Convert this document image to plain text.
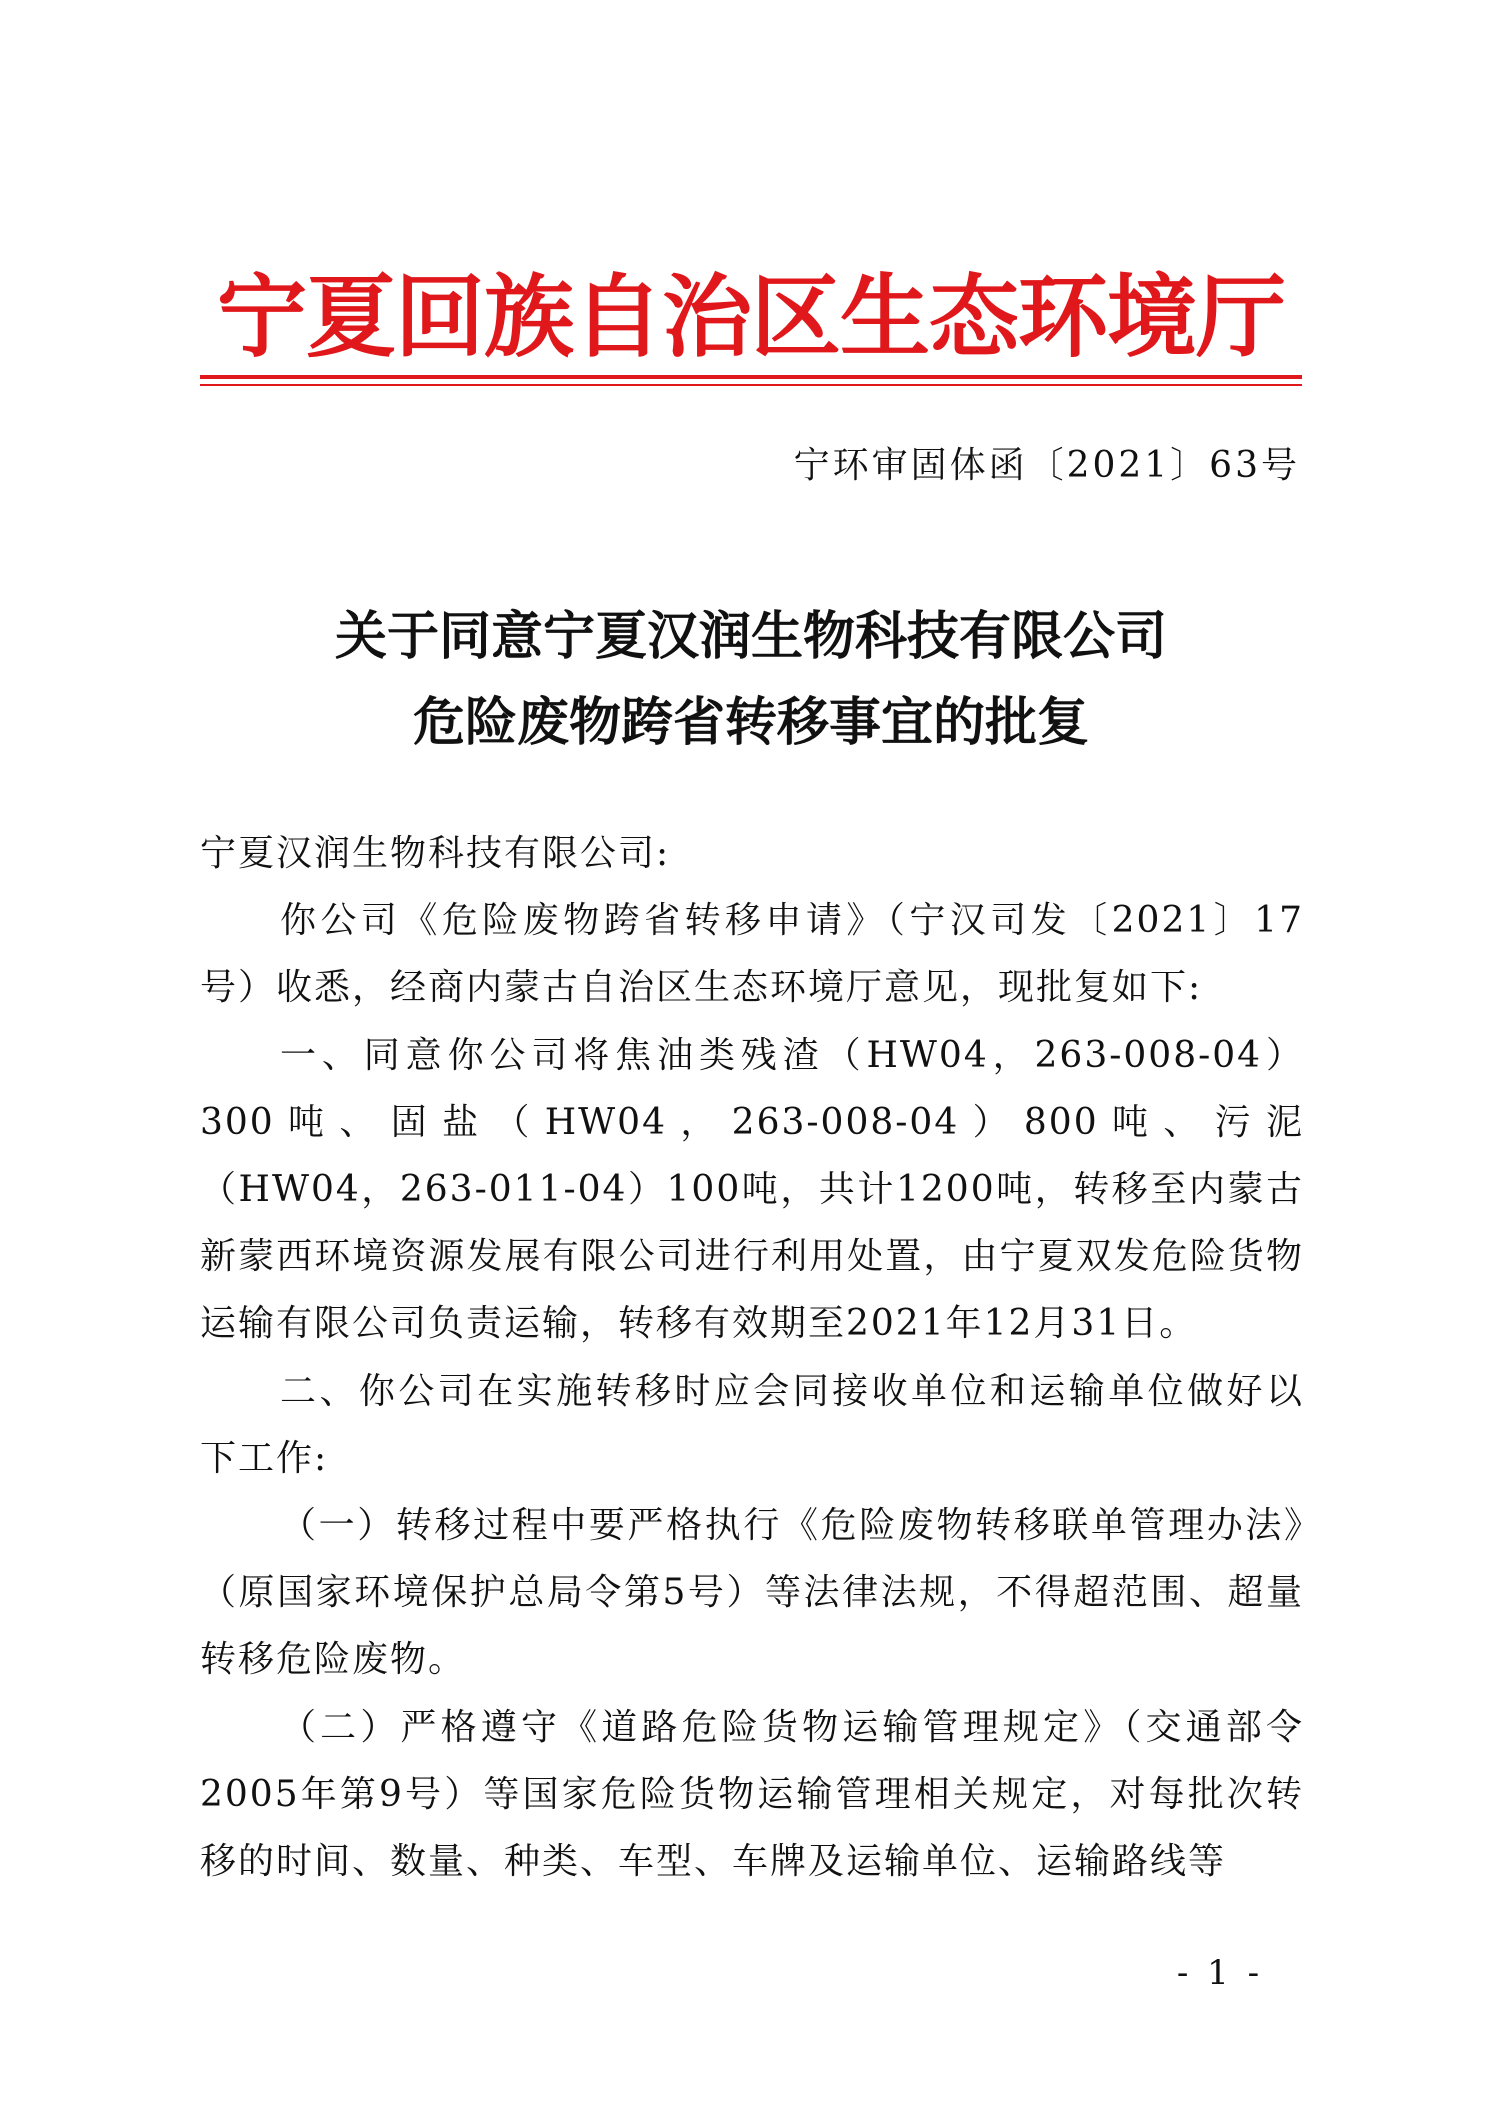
宁夏回族自治区生态环境厅
宁环审固体函〔2021〕63号
关于同意宁夏汉润生物科技有限公司
危险废物跨省转移事宜的批复

宁夏汉润生物科技有限公司:

你公司《危险废物跨省转移申请》（宁汉司发〔2021〕17号）收悉，经商内蒙古自治区生态环境厅意见，现批复如下:

一、同意你公司将焦油类残渣（HW04，263-008-04）300吨、固盐（HW04，263-008-04）800吨、污泥（HW04，263-011-04）100吨，共计1200吨，转移至内蒙古新蒙西环境资源发展有限公司进行利用处置，由宁夏双发危险货物运输有限公司负责运输，转移有效期至2021年12月31日。

二、你公司在实施转移时应会同接收单位和运输单位做好以下工作:

（一）转移过程中要严格执行《危险废物转移联单管理办法》（原国家环境保护总局令第5号）等法律法规，不得超范围、超量转移危险废物。

（二）严格遵守《道路危险货物运输管理规定》（交通部令2005年第9号）等国家危险货物运输管理相关规定，对每批次转移的时间、数量、种类、车型、车牌及运输单位、运输路线等

- 1 -
